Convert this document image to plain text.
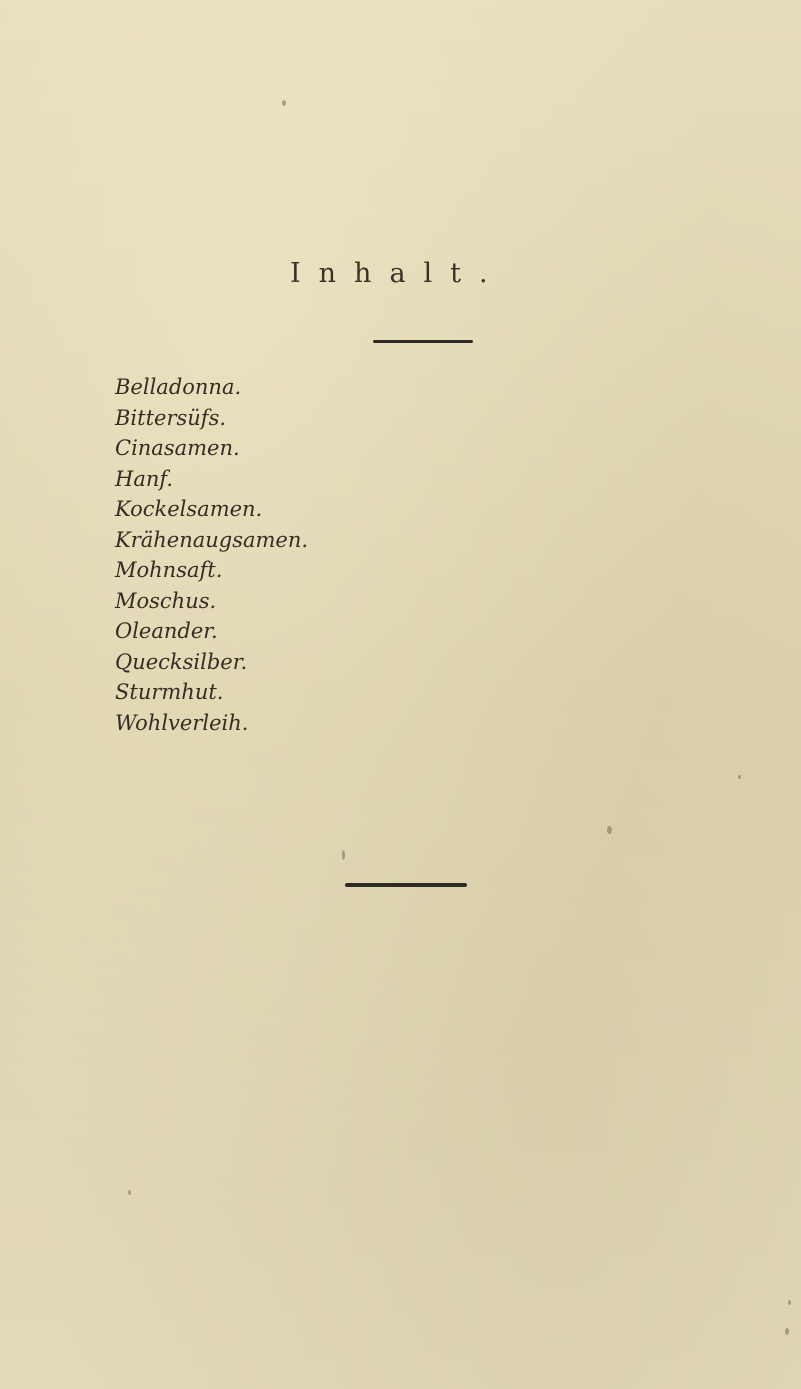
Inhalt.
Belladonna.
Bittersüfs.
Cinasamen.
Hanf.
Kockelsamen.
Krähenaugsamen.
Mohnsaft.
Moschus.
Oleander.
Quecksilber.
Sturmhut.
Wohlverleih.
